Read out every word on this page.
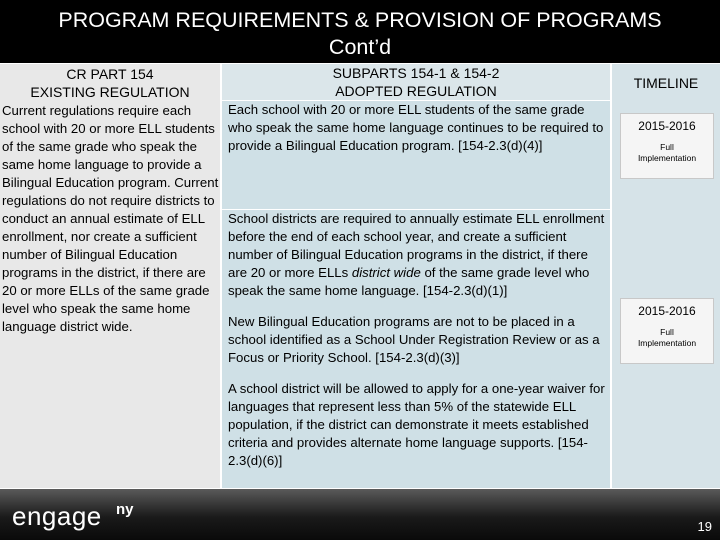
PROGRAM REQUIREMENTS & PROVISION OF PROGRAMS
Cont’d
CR PART 154
EXISTING REGULATION
Current regulations require each school with 20 or more ELL students of the same grade who speak the same home language to provide a Bilingual Education program. Current regulations do not require districts to conduct an annual estimate of ELL enrollment, nor create a sufficient number of Bilingual Education programs in the district, if there are 20 or more ELLs of the same grade level who speak the same home language district wide.
SUBPARTS 154-1 & 154-2
ADOPTED REGULATION
Each school with 20 or more ELL students of the same grade who speak the same home language continues to be required to provide a Bilingual Education program. [154-2.3(d)(4)]

School districts are required to annually estimate ELL enrollment before the end of each school year, and create a sufficient number of Bilingual Education programs in the district, if there are 20 or more ELLs district wide of the same grade level who speak the same home language. [154-2.3(d)(1)]

New Bilingual Education programs are not to be placed in a school identified as a School Under Registration Review or as a Focus or Priority School. [154-2.3(d)(3)]

A school district will be allowed to apply for a one-year waiver for languages that represent less than 5% of the statewide ELL population, if the district can demonstrate it meets established criteria and provides alternate home language supports. [154-2.3(d)(6)]

TIMELINE
2015-2016
Full
Implementation
2015-2016
Full
Implementation
engage ny
19
